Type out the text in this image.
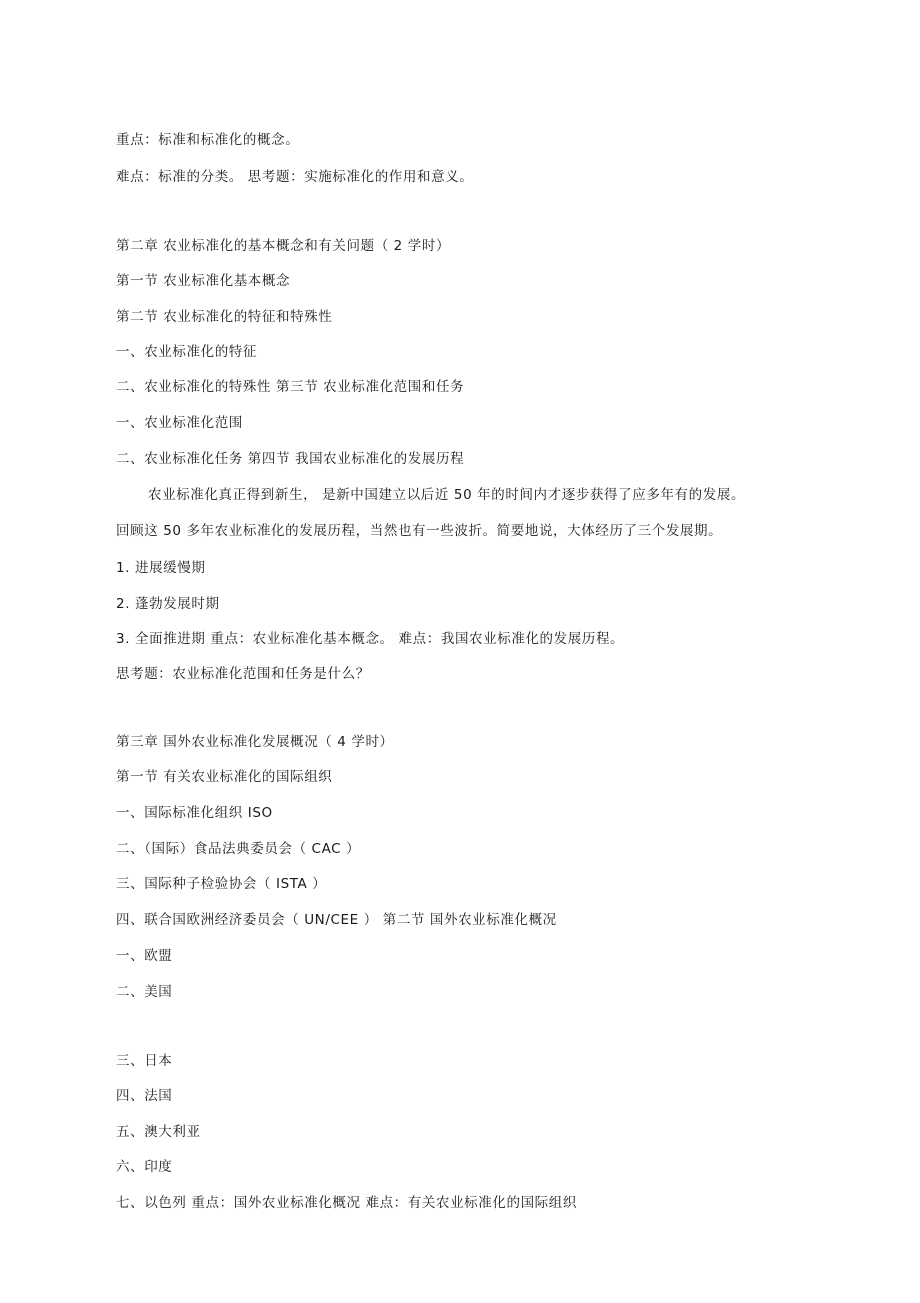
重点：标准和标准化的概念。
难点：标准的分类。 思考题：实施标准化的作用和意义。
第二章 农业标准化的基本概念和有关问题（ 2 学时）
第一节 农业标准化基本概念
第二节 农业标准化的特征和特殊性
一、农业标准化的特征
二、农业标准化的特殊性 第三节 农业标准化范围和任务
一、农业标准化范围
二、农业标准化任务 第四节 我国农业标准化的发展历程
农业标准化真正得到新生， 是新中国建立以后近 50 年的时间内才逐步获得了应多年有的发展。
回顾这 50 多年农业标准化的发展历程，当然也有一些波折。简要地说，大体经历了三个发展期。
1. 进展缓慢期
2. 蓬勃发展时期
3. 全面推进期 重点：农业标准化基本概念。 难点：我国农业标准化的发展历程。
思考题：农业标准化范围和任务是什么？
第三章 国外农业标准化发展概况（ 4 学时）
第一节 有关农业标准化的国际组织
一、国际标准化组织 ISO
二、（国际）食品法典委员会（ CAC ）
三、国际种子检验协会（ ISTA ）
四、联合国欧洲经济委员会（ UN/CEE ） 第二节 国外农业标准化概况
一、欧盟
二、美国
三、日本
四、法国
五、澳大利亚
六、印度
七、以色列 重点：国外农业标准化概况 难点：有关农业标准化的国际组织
